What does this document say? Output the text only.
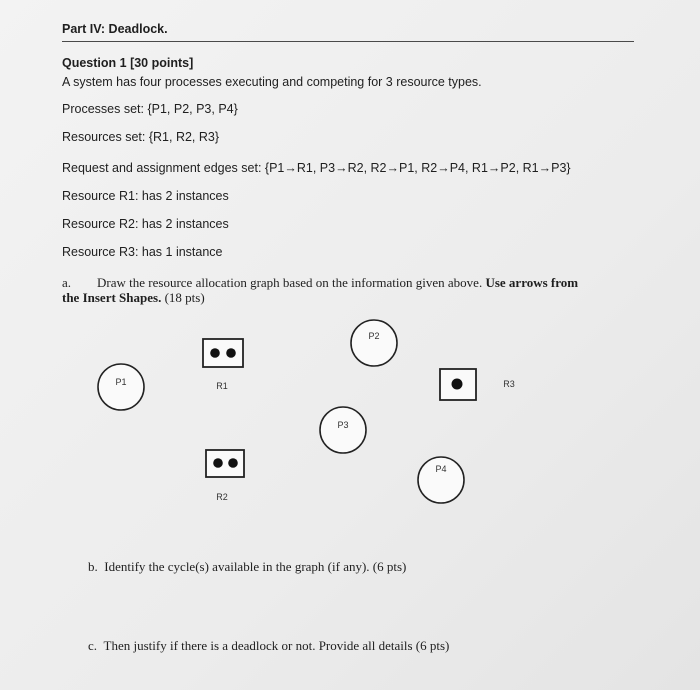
Part IV: Deadlock.
Question 1 [30 points]
A system has four processes executing and competing for 3 resource types.
Processes set: {P1, P2, P3, P4}
Resources set: {R1, R2, R3}
Request and assignment edges set: {P1→R1, P3→R2, R2→P1, R2→P4, R1→P2, R1→P3}
Resource R1: has 2 instances
Resource R2: has 2 instances
Resource R3: has 1 instance
a. Draw the resource allocation graph based on the information given above. Use arrows from
the Insert Shapes. (18 pts)
P2
P1
P3
P4
R1
R2
R3
b. Identify the cycle(s) available in the graph (if any). (6 pts)
c. Then justify if there is a deadlock or not. Provide all details (6 pts)
